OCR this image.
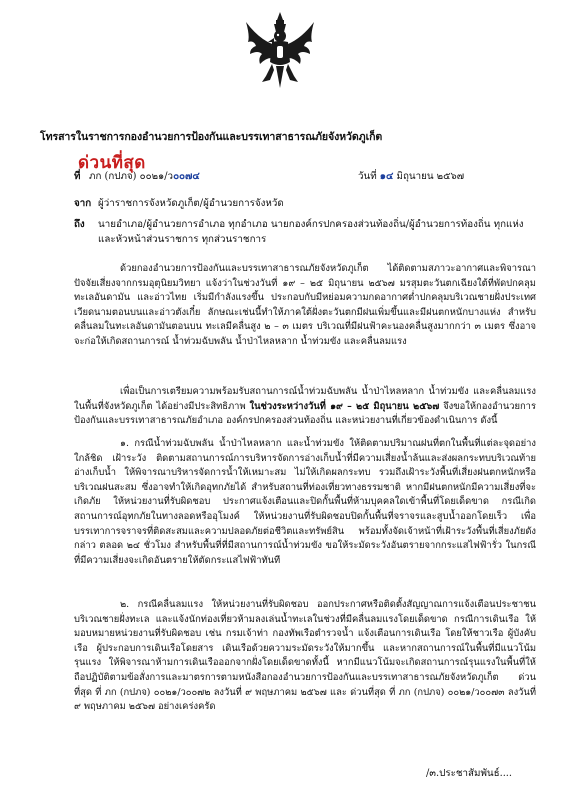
โทรสารในราชการกองอำนวยการป้องกันและบรรเทาสาธารณภัยจังหวัดภูเก็ต
ด่วนที่สุด
ที่ ภก (กปภจ) ๐๐๒๑/ว๐๐๗๔	วันที่ ๑๔ มิถุนายน ๒๕๖๗
จาก ผู้ว่าราชการจังหวัดภูเก็ต/ผู้อำนวยการจังหวัด
ถึง นายอำเภอ/ผู้อำนวยการอำเภอ ทุกอำเภอ นายกองค์กรปกครองส่วนท้องถิ่น/ผู้อำนวยการท้องถิ่น ทุกแห่ง
และหัวหน้าส่วนราชการ ทุกส่วนราชการ
ด้วยกองอำนวยการป้องกันและบรรเทาสาธารณภัยจังหวัดภูเก็ต ได้ติดตามสภาวะอากาศและพิจารณาปัจจัยเสี่ยงจากกรมอุตุนิยมวิทยา แจ้งว่าในช่วงวันที่ ๑๙ – ๒๕ มิถุนายน ๒๕๖๗ มรสุมตะวันตกเฉียงใต้ที่พัดปกคลุมทะเลอันดามัน และอ่าวไทย เริ่มมีกำลังแรงขึ้น ประกอบกับมีหย่อมความกดอากาศต่ำปกคลุมบริเวณชายฝั่งประเทศเวียดนามตอนบนและอ่าวตังเกี๋ย ลักษณะเช่นนี้ทำให้ภาคใต้ฝั่งตะวันตกมีฝนเพิ่มขึ้นและมีฝนตกหนักบางแห่ง สำหรับคลื่นลมในทะเลอันดามันตอนบน ทะเลมีคลื่นสูง ๒ – ๓ เมตร บริเวณที่มีฝนฟ้าคะนองคลื่นสูงมากกว่า ๓ เมตร ซึ่งอาจจะก่อให้เกิดสถานการณ์ น้ำท่วมฉับพลัน น้ำป่าไหลหลาก น้ำท่วมขัง และคลื่นลมแรง
เพื่อเป็นการเตรียมความพร้อมรับสถานการณ์น้ำท่วมฉับพลัน น้ำป่าไหลหลาก น้ำท่วมขัง และคลื่นลมแรง ในพื้นที่จังหวัดภูเก็ต ได้อย่างมีประสิทธิภาพ ในช่วงระหว่างวันที่ ๑๙ – ๒๕ มิถุนายน ๒๕๖๗ จึงขอให้กองอำนวยการป้องกันและบรรเทาสาธารณภัยอำเภอ องค์กรปกครองส่วนท้องถิ่น และหน่วยงานที่เกี่ยวข้องดำเนินการ ดังนี้
๑. กรณีน้ำท่วมฉับพลัน น้ำป่าไหลหลาก และน้ำท่วมขัง ให้ติดตามปริมาณฝนที่ตกในพื้นที่แต่ละจุดอย่างใกล้ชิด เฝ้าระวัง ติดตามสถานการณ์การบริหารจัดการอ่างเก็บน้ำที่มีความเสี่ยงน้ำล้นและส่งผลกระทบบริเวณท้ายอ่างเก็บน้ำ ให้พิจารณาบริหารจัดการน้ำให้เหมาะสม ไม่ให้เกิดผลกระทบ รวมถึงเฝ้าระวังพื้นที่เสี่ยงฝนตกหนักหรือบริเวณฝนสะสม ซึ่งอาจทำให้เกิดอุทกภัยได้ สำหรับสถานที่ท่องเที่ยวทางธรรมชาติ หากมีฝนตกหนักมีความเสี่ยงที่จะเกิดภัย ให้หน่วยงานที่รับผิดชอบ ประกาศแจ้งเตือนและปิดกั้นพื้นที่ห้ามบุคคลใดเข้าพื้นที่โดยเด็ดขาด กรณีเกิดสถานการณ์อุทกภัยในทางลอดหรืออุโมงค์ ให้หน่วยงานที่รับผิดชอบปิดกั้นพื้นที่จราจรและสูบน้ำออกโดยเร็ว เพื่อบรรเทาการจราจรที่ติดสะสมและความปลอดภัยต่อชีวิตและทรัพย์สิน พร้อมทั้งจัดเจ้าหน้าที่เฝ้าระวังพื้นที่เสี่ยงภัยดังกล่าว ตลอด ๒๔ ชั่วโมง สำหรับพื้นที่ที่มีสถานการณ์น้ำท่วมขัง ขอให้ระมัดระวังอันตรายจากกระแสไฟฟ้ารั่ว ในกรณีที่มีความเสี่ยงจะเกิดอันตรายให้ตัดกระแสไฟฟ้าทันที
๒. กรณีคลื่นลมแรง ให้หน่วยงานที่รับผิดชอบ ออกประกาศหรือติดตั้งสัญญาณการแจ้งเตือนประชาชนบริเวณชายฝั่งทะเล และแจ้งนักท่องเที่ยวห้ามลงเล่นน้ำทะเลในช่วงที่มีคลื่นลมแรงโดยเด็ดขาด กรณีการเดินเรือ ให้มอบหมายหน่วยงานที่รับผิดชอบ เช่น กรมเจ้าท่า กองทัพเรือตำรวจน้ำ แจ้งเตือนการเดินเรือ โดยให้ชาวเรือ ผู้บังคับเรือ ผู้ประกอบการเดินเรือโดยสาร เดินเรือด้วยความระมัดระวังให้มากขึ้น และหากสถานการณ์ในพื้นที่มีแนวโน้มรุนแรง ให้พิจารณาห้ามการเดินเรือออกจากฝั่งโดยเด็ดขาดทั้งนี้ หากมีแนวโน้มจะเกิดสถานการณ์รุนแรงในพื้นที่ให้ถือปฏิบัติตามข้อสั่งการและมาตรการตามหนังสือกองอำนวยการป้องกันและบรรเทาสาธารณภัยจังหวัดภูเก็ต ด่วนที่สุด ที่ ภก (กปภจ) ๐๐๒๑/ว๐๐๗๒ ลงวันที่ ๙ พฤษภาคม ๒๕๖๗ และ ด่วนที่สุด ที่ ภก (กปภจ) ๐๐๒๑/ว๐๐๗๓ ลงวันที่ ๙ พฤษภาคม ๒๕๖๗ อย่างเคร่งครัด
/๓.ประชาสัมพันธ์....
